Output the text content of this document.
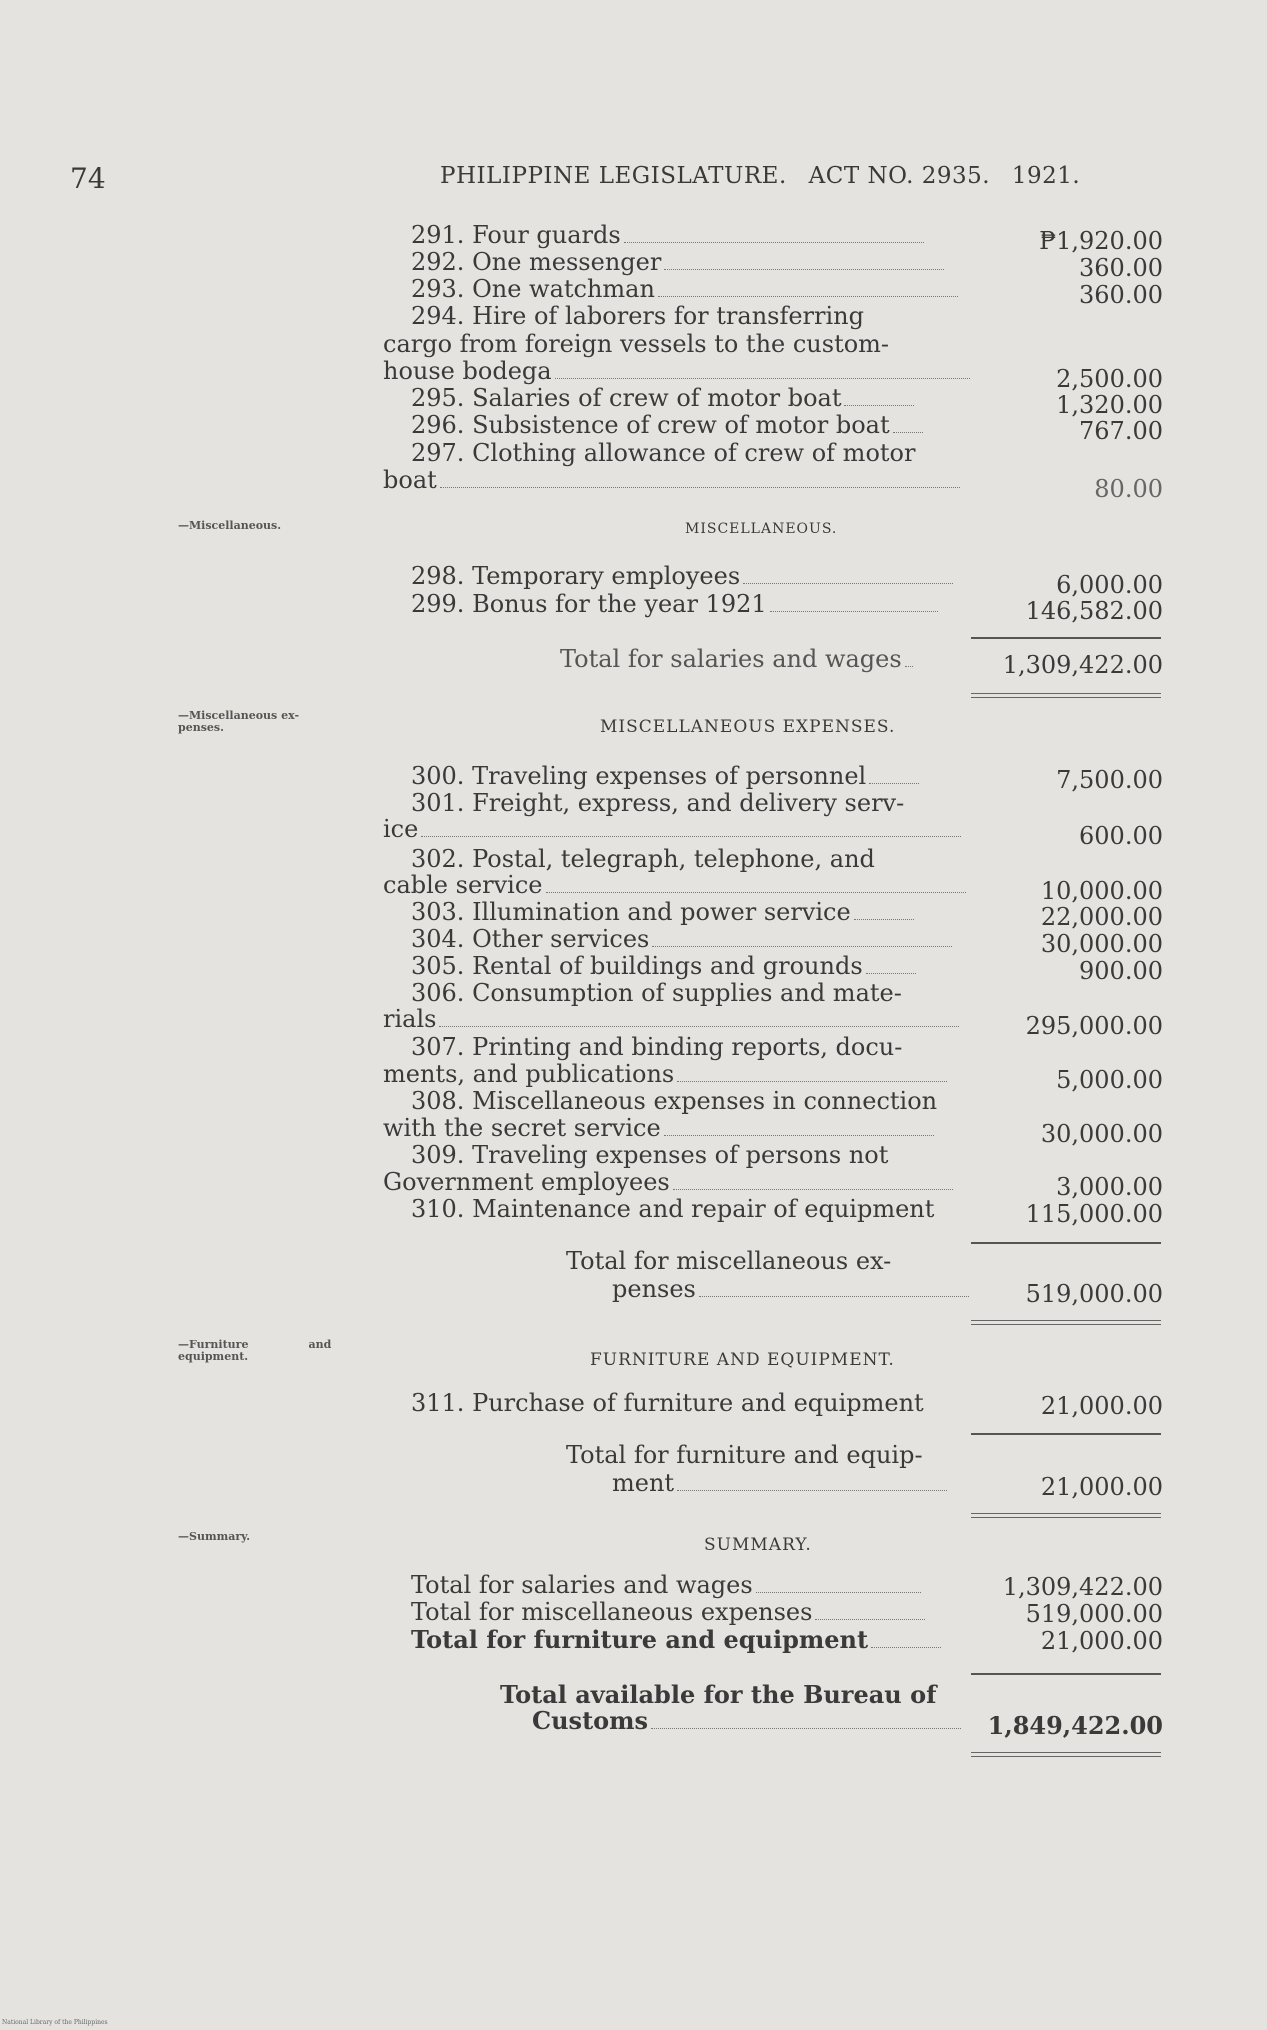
74	PHILIPPINE LEGISLATURE. ACT NO. 2935. 1921.
291. Four guards	₱1,920.00
292. One messenger	360.00
293. One watchman	360.00
294. Hire of laborers for transferring
cargo from foreign vessels to the custom-
house bodega	2,500.00
295. Salaries of crew of motor boat	1,320.00
296. Subsistence of crew of motor boat	767.00
297. Clothing allowance of crew of motor
boat	80.00
—Miscellaneous.	MISCELLANEOUS.
298. Temporary employees	6,000.00
299. Bonus for the year 1921	146,582.00
Total for salaries and wages	1,309,422.00
—Miscellaneous ex-
penses.	MISCELLANEOUS EXPENSES.
300. Traveling expenses of personnel	7,500.00
301. Freight, express, and delivery serv-
ice	600.00
302. Postal, telegraph, telephone, and
cable service	10,000.00
303. Illumination and power service	22,000.00
304. Other services	30,000.00
305. Rental of buildings and grounds	900.00
306. Consumption of supplies and mate-
rials	295,000.00
307. Printing and binding reports, docu-
ments, and publications	5,000.00
308. Miscellaneous expenses in connection
with the secret service	30,000.00
309. Traveling expenses of persons not
Government employees	3,000.00
310. Maintenance and repair of equipment	115,000.00
Total for miscellaneous ex-
penses	519,000.00
—Furniture	and
equipment.	FURNITURE AND EQUIPMENT.
311. Purchase of furniture and equipment	21,000.00
Total for furniture and equip-
ment	21,000.00
—Summary.	SUMMARY.
Total for salaries and wages	1,309,422.00
Total for miscellaneous expenses	519,000.00
Total for furniture and equipment	21,000.00
Total available for the Bureau of
Customs	1,849,422.00
National Library of the Philippines
